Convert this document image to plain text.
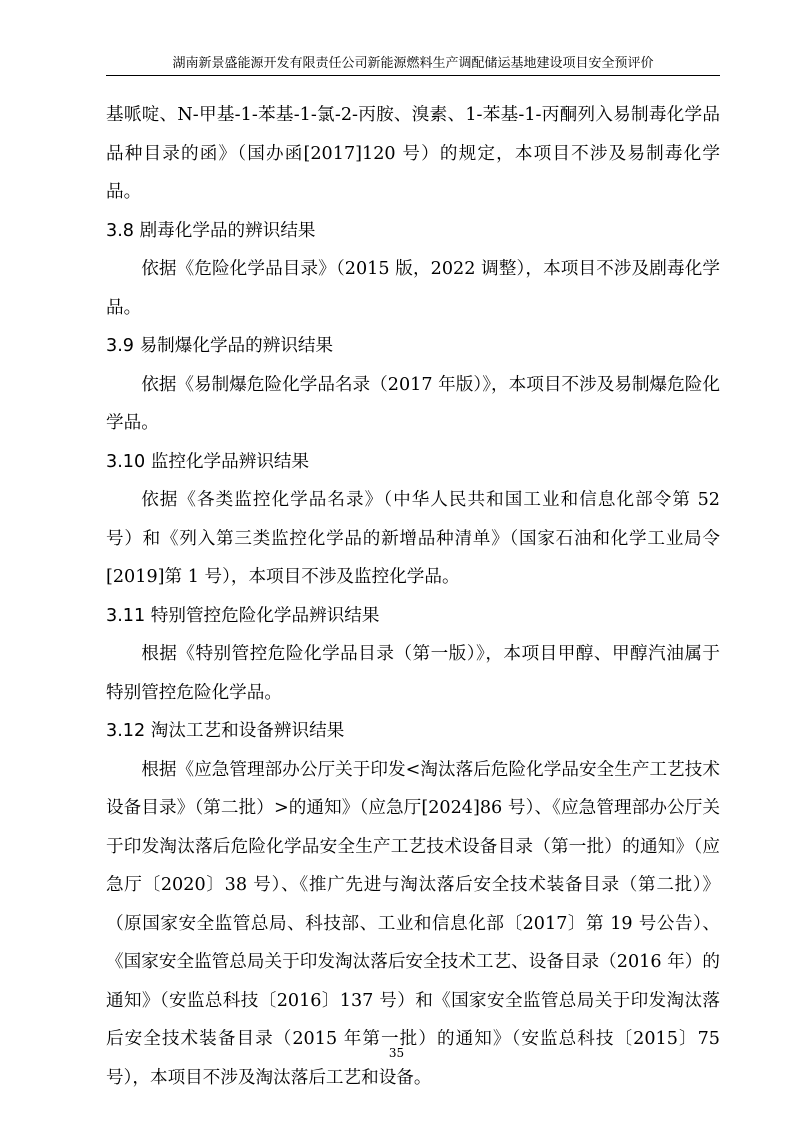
湖南新景盛能源开发有限责任公司新能源燃料生产调配储运基地建设项目安全预评价

基哌啶、N-甲基-1-苯基-1-氯-2-丙胺、溴素、1-苯基-1-丙酮列入易制毒化学品品种目录的函》（国办函[2017]120 号）的规定，本项目不涉及易制毒化学品。

3.8 剧毒化学品的辨识结果

依据《危险化学品目录》（2015 版，2022 调整），本项目不涉及剧毒化学品。

3.9 易制爆化学品的辨识结果

依据《易制爆危险化学品名录（2017 年版）》，本项目不涉及易制爆危险化学品。

3.10 监控化学品辨识结果

依据《各类监控化学品名录》（中华人民共和国工业和信息化部令第 52 号）和《列入第三类监控化学品的新增品种清单》（国家石油和化学工业局令[2019]第 1 号），本项目不涉及监控化学品。

3.11 特别管控危险化学品辨识结果

根据《特别管控危险化学品目录（第一版）》，本项目甲醇、甲醇汽油属于特别管控危险化学品。

3.12 淘汰工艺和设备辨识结果

根据《应急管理部办公厅关于印发<淘汰落后危险化学品安全生产工艺技术设备目录》（第二批）>的通知》（应急厅[2024]86 号）、《应急管理部办公厅关于印发淘汰落后危险化学品安全生产工艺技术设备目录（第一批）的通知》（应急厅〔2020〕38 号）、《推广先进与淘汰落后安全技术装备目录（第二批）》（原国家安全监管总局、科技部、工业和信息化部〔2017〕第 19 号公告）、《国家安全监管总局关于印发淘汰落后安全技术工艺、设备目录（2016 年）的通知》（安监总科技〔2016〕137 号）和《国家安全监管总局关于印发淘汰落后安全技术装备目录（2015 年第一批）的通知》（安监总科技〔2015〕75 号），本项目不涉及淘汰落后工艺和设备。

35
